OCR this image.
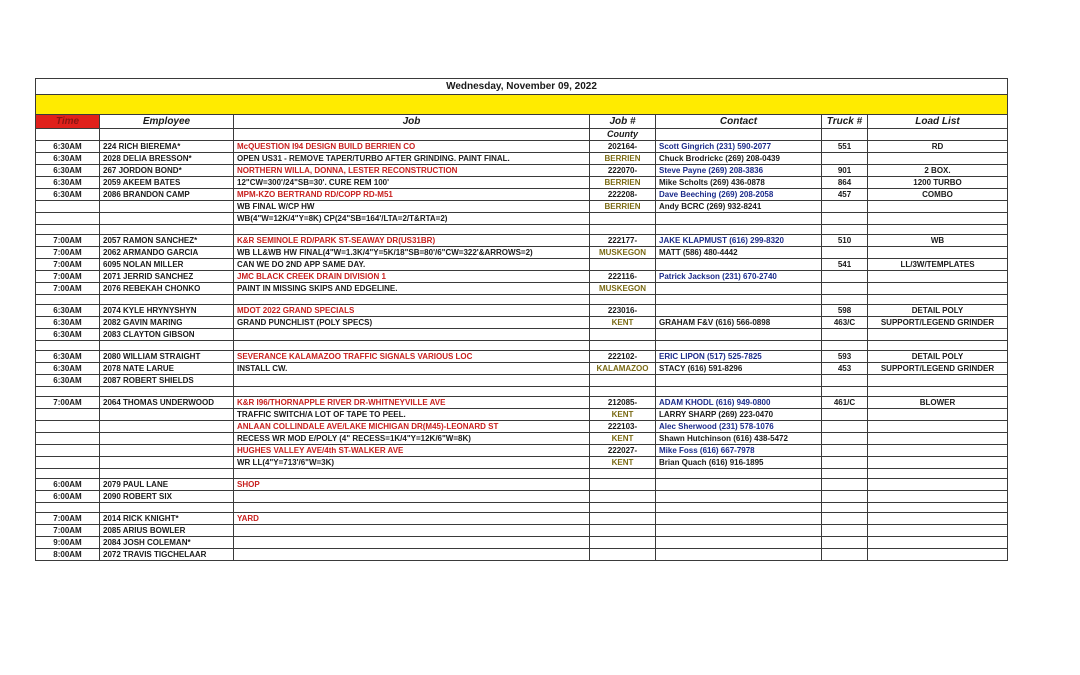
Wednesday, November 09, 2022						

Time	Employee	Job	Job #	Contact	Truck #	Load List
			County			
6:30AM	224 RICH BIEREMA*	McQUESTION I94 DESIGN BUILD BERRIEN CO	202164-	Scott Gingrich (231) 590-2077	551	RD
6:30AM	2028 DELIA BRESSON*	OPEN US31 - REMOVE TAPER/TURBO AFTER GRINDING. PAINT FINAL.	BERRIEN	Chuck Brodrickc (269) 208-0439		
6:30AM	267 JORDON BOND*	NORTHERN WILLA, DONNA, LESTER RECONSTRUCTION	222070-	Steve Payne (269) 208-3836	901	2 BOX.
6:30AM	2059 AKEEM BATES	12"CW=300'/24"SB=30'. CURE REM 100'	BERRIEN	Mike Scholts (269) 436-0878	864	1200 TURBO
6:30AM	2086 BRANDON CAMP	MPM-KZO BERTRAND RD/COPP RD-M51	222208-	Dave Beeching (269) 208-2058	457	COMBO
		WB FINAL W/CP HW	BERRIEN	Andy BCRC (269) 932-8241		
		WB(4"W=12K/4"Y=8K) CP(24"SB=164'/LTA=2/T&RTA=2)				

7:00AM	2057 RAMON SANCHEZ*	K&R SEMINOLE RD/PARK ST-SEAWAY DR(US31BR)	222177-	JAKE KLAPMUST (616) 299-8320	510	WB
7:00AM	2062 ARMANDO GARCIA	WB LL&WB HW FINAL(4"W=1.3K/4"Y=5K/18"SB=80'/6"CW=322'&ARROWS=2)	MUSKEGON	MATT (586) 480-4442		
7:00AM	6095 NOLAN MILLER	CAN WE DO 2ND APP SAME DAY.			541	LL/3W/TEMPLATES
7:00AM	2071 JERRID SANCHEZ	JMC BLACK CREEK DRAIN DIVISION 1	222116-	Patrick Jackson (231) 670-2740		
7:00AM	2076 REBEKAH CHONKO	PAINT IN MISSING SKIPS AND EDGELINE.	MUSKEGON			

6:30AM	2074 KYLE HRYNYSHYN	MDOT 2022 GRAND SPECIALS	223016-		598	DETAIL POLY
6:30AM	2082 GAVIN MARING	GRAND PUNCHLIST (POLY SPECS)	KENT	GRAHAM F&V (616) 566-0898	463/C	SUPPORT/LEGEND GRINDER
6:30AM	2083 CLAYTON GIBSON					

6:30AM	2080 WILLIAM STRAIGHT	SEVERANCE KALAMAZOO TRAFFIC SIGNALS VARIOUS LOC	222102-	ERIC LIPON (517) 525-7825	593	DETAIL POLY
6:30AM	2078 NATE LARUE	INSTALL CW.	KALAMAZOO	STACY (616) 591-8296	453	SUPPORT/LEGEND GRINDER
6:30AM	2087 ROBERT SHIELDS					

7:00AM	2064 THOMAS UNDERWOOD	K&R I96/THORNAPPLE RIVER DR-WHITNEYVILLE AVE	212085-	ADAM KHODL (616) 949-0800	461/C	BLOWER
		TRAFFIC SWITCH/A LOT OF TAPE TO PEEL.	KENT	LARRY SHARP (269) 223-0470		
		ANLAAN COLLINDALE AVE/LAKE MICHIGAN DR(M45)-LEONARD ST	222103-	Alec Sherwood (231) 578-1076		
		RECESS WR MOD E/POLY (4" RECESS=1K/4"Y=12K/6"W=8K)	KENT	Shawn Hutchinson (616) 438-5472		
		HUGHES VALLEY AVE/4th ST-WALKER AVE	222027-	Mike Foss (616) 667-7978		
		WR LL(4"Y=713'/6"W=3K)	KENT	Brian Quach (616) 916-1895		

6:00AM	2079 PAUL LANE	SHOP				
6:00AM	2090 ROBERT SIX					

7:00AM	2014 RICK KNIGHT*	YARD				
7:00AM	2085 ARIUS BOWLER					
9:00AM	2084 JOSH COLEMAN*					
8:00AM	2072 TRAVIS TIGCHELAAR					
